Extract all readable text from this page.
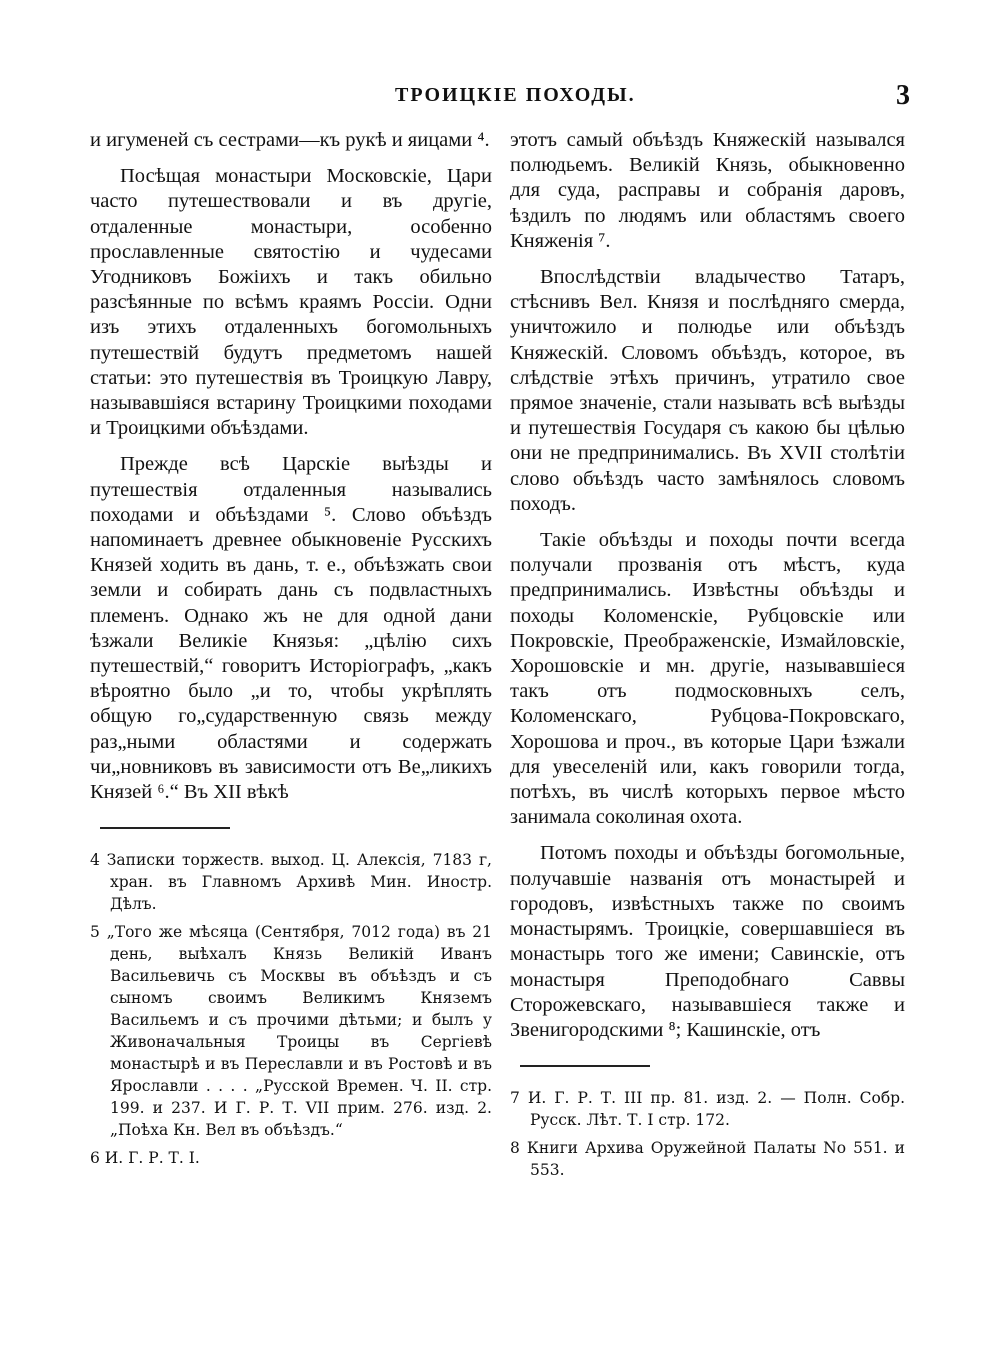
ТРОИЦКІЕ ПОХОДЫ.	3

и игуменей съ сестрами—къ рукѣ и яицами ⁴.

Посѣщая монастыри Московскіе, Цари часто путешествовали и въ другіе, отдаленные монастыри, особенно прославленные святостію и чудесами Угодниковъ Божіихъ и такъ обильно разсѣянные по всѣмъ краямъ Россіи. Одни изъ этихъ отдаленныхъ богомольныхъ путешествій будутъ предметомъ нашей статьи: это путешествія въ Троицкую Лавру, называвшіяся встарину Троицкими походами и Троицкими объѣздами.

Прежде всѣ Царскіе выѣзды и путешествія отдаленныя назывались походами и объѣздами ⁵. Слово объѣздъ напоминаетъ древнее обыкновеніе Русскихъ Князей ходить въ дань, т. е., объѣзжать свои земли и собирать дань съ подвластныхъ племенъ. Однако жъ не для одной дани ѣзжали Великіе Князья: „цѣлію сихъ путешествій,“ говоритъ Исторіографъ, „какъ вѣроятно было „и то, чтобы укрѣплять общую го„сударственную связь между раз„ными областями и содержать чи„новниковъ въ зависимости отъ Ве„ликихъ Князей ⁶.“ Въ XII вѣкѣ

4 Записки торжеств. выход. Ц. Алексія, 7183 г, хран. въ Главномъ Архивѣ Мин. Иностр. Дѣлъ.

5 „Того же мѣсяца (Сентября, 7012 года) въ 21 день, выѣхалъ Князь Великій Иванъ Васильевичь съ Москвы въ объѣздъ и съ сыномъ своимъ Великимъ Княземъ Васильемъ и съ прочими дѣтьми; и былъ у Живоначальныя Троицы въ Сергіевѣ монастырѣ и въ Переславли и въ Ростовѣ и въ Ярославли . . . . „Русской Времен. Ч. II. стр. 199. и 237. И Г. Р. Т. VII прим. 276. изд. 2. „Поѣха Кн. Вел въ объѣздъ.“

6 И. Г. Р. Т. I.

этотъ самый объѣздъ Княжескій назывался полюдьемъ. Великій Князь, обыкновенно для суда, расправы и собранія даровъ, ѣздилъ по людямъ или областямъ своего Княженія ⁷.

Впослѣдствіи владычество Татаръ, стѣснивъ Вел. Князя и послѣдняго смерда, уничтожило и полюдье или объѣздъ Княжескій. Словомъ объѣздъ, которое, въ слѣдствіе этѣхъ причинъ, утратило свое прямое значеніе, стали называть всѣ выѣзды и путешествія Государя съ какою бы цѣлью они не предпринимались. Въ XVII столѣтіи слово объѣздъ часто замѣнялось словомъ походъ.

Такіе объѣзды и походы почти всегда получали прозванія отъ мѣстъ, куда предпринимались. Извѣстны объѣзды и походы Коломенскіе, Рубцовскіе или Покровскіе, Преображенскіе, Измайловскіе, Хорошовскіе и мн. другіе, называвшіеся такъ отъ подмосковныхъ селъ, Коломенскаго, Рубцова-Покровскаго, Хорошова и проч., въ которые Цари ѣзжали для увеселеній или, какъ говорили тогда, потѣхъ, въ числѣ которыхъ первое мѣсто занимала соколиная охота.

Потомъ походы и объѣзды богомольные, получавшіе названія отъ монастырей и городовъ, извѣстныхъ также по своимъ монастырямъ. Троицкіе, совершавшіеся въ монастырь того же имени; Савинскіе, отъ монастыря Преподобнаго Саввы Сторожевскаго, называвшіеся также и Звенигородскими ⁸; Кашинскіе, отъ

7 И. Г. Р. Т. III пр. 81. изд. 2. — Полн. Собр. Русск. Лѣт. Т. I стр. 172.

8 Книги Архива Оружейной Палаты No 551. и 553.
